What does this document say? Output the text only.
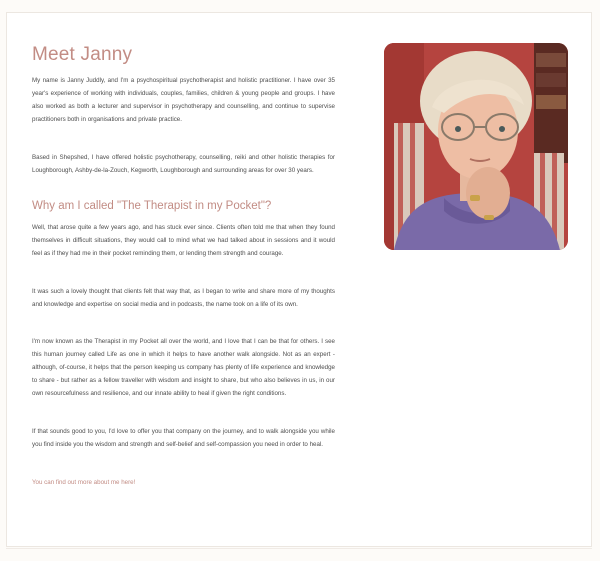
Meet Janny

My name is Janny Juddly, and I'm a psychospiritual psychotherapist and holistic practitioner. I have over 35 year's experience of working with individuals, couples, families, children & young people and groups. I have also worked as both a lecturer and supervisor in psychotherapy and counselling, and continue to supervise practitioners both in organisations and private practice.

Based in Shepshed, I have offered holistic psychotherapy, counselling, reiki and other holistic therapies for Loughborough, Ashby-de-la-Zouch, Kegworth, Loughborough and surrounding areas for over 30 years.

Why am I called "The Therapist in my Pocket"?

Well, that arose quite a few years ago, and has stuck ever since. Clients often told me that when they found themselves in difficult situations, they would call to mind what we had talked about in sessions and it would feel as if they had me in their pocket reminding them, or lending them strength and courage.

It was such a lovely thought that clients felt that way that, as I began to write and share more of my thoughts and knowledge and expertise on social media and in podcasts, the name took on a life of its own.

I'm now known as the Therapist in my Pocket all over the world, and I love that I can be that for others. I see this human journey called Life as one in which it helps to have another walk alongside. Not as an expert - although, of-course, it helps that the person keeping us company has plenty of life experience and knowledge to share - but rather as a fellow traveller with wisdom and insight to share, but who also believes in us, in our own resourcefulness and resilience, and our innate ability to heal if given the right conditions.

If that sounds good to you, I'd love to offer you that company on the journey, and to walk alongside you while you find inside you the wisdom and strength and self-belief and self-compassion you need in order to heal.

You can find out more about me here!
